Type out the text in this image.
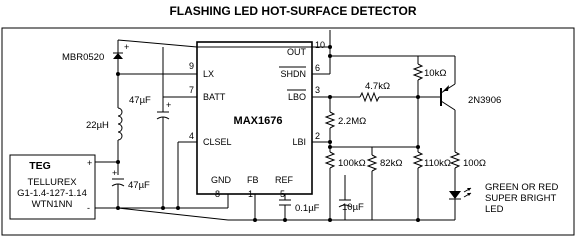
FLASHING LED HOT-SURFACE DETECTOR
MAX1676
LX
BATT
CLSEL
GND FB REF
OUT
SHDN
LBO
LBI
9
7
4
8	1	5
10
6
3
2
MBR0520
+
22µH
47µF +
TEG
TELLUREX
G1-1.4-127-1.14
WTN1NN
+
-
47µF
+
0.1µF
10kΩ
4.7kΩ
2N3906
2.2MΩ
100kΩ
10µF
82kΩ 110kΩ 100Ω
GREEN OR RED
SUPER BRIGHT
LED
